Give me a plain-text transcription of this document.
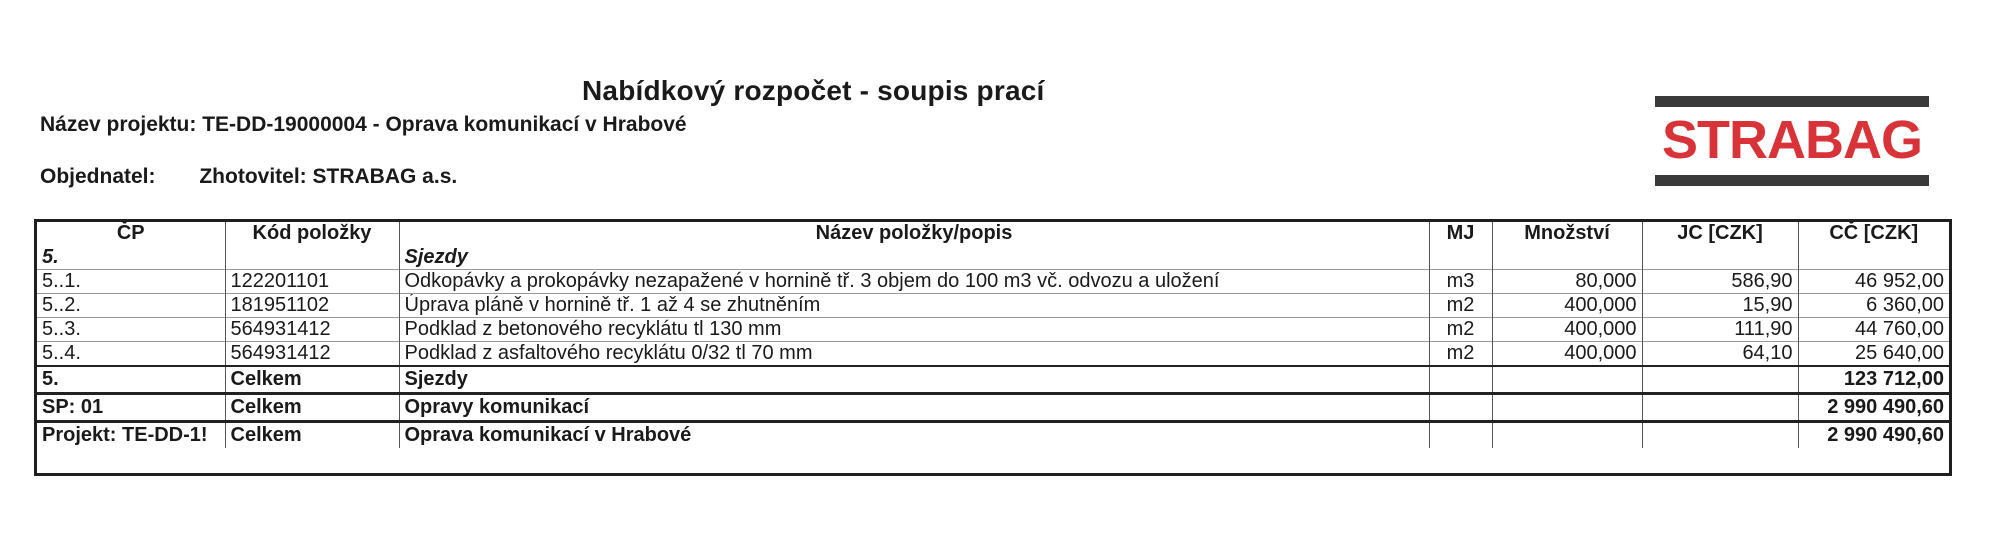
Nabídkový rozpočet - soupis prací
Název projektu: TE-DD-19000004 - Oprava komunikací v Hrabové
Objednatel: Zhotovitel: STRABAG a.s.
STRABAG
ČP	Kód položky	Název položky/popis	MJ	Množství	JC [CZK]	CČ [CZK]
5.		Sjezdy				
5..1.	122201101	Odkopávky a prokopávky nezapažené v hornině tř. 3 objem do 100 m3 vč. odvozu a uložení	m3	80,000	586,90	46 952,00
5..2.	181951102	Úprava pláně v hornině tř. 1 až 4 se zhutněním	m2	400,000	15,90	6 360,00
5..3.	564931412	Podklad z betonového recyklátu tl 130 mm	m2	400,000	111,90	44 760,00
5..4.	564931412	Podklad z asfaltového recyklátu 0/32 tl 70 mm	m2	400,000	64,10	25 640,00
5.	Celkem	Sjezdy				123 712,00
SP: 01	Celkem	Opravy komunikací				2 990 490,60
Projekt: TE-DD-1!	Celkem	Oprava komunikací v Hrabové				2 990 490,60
